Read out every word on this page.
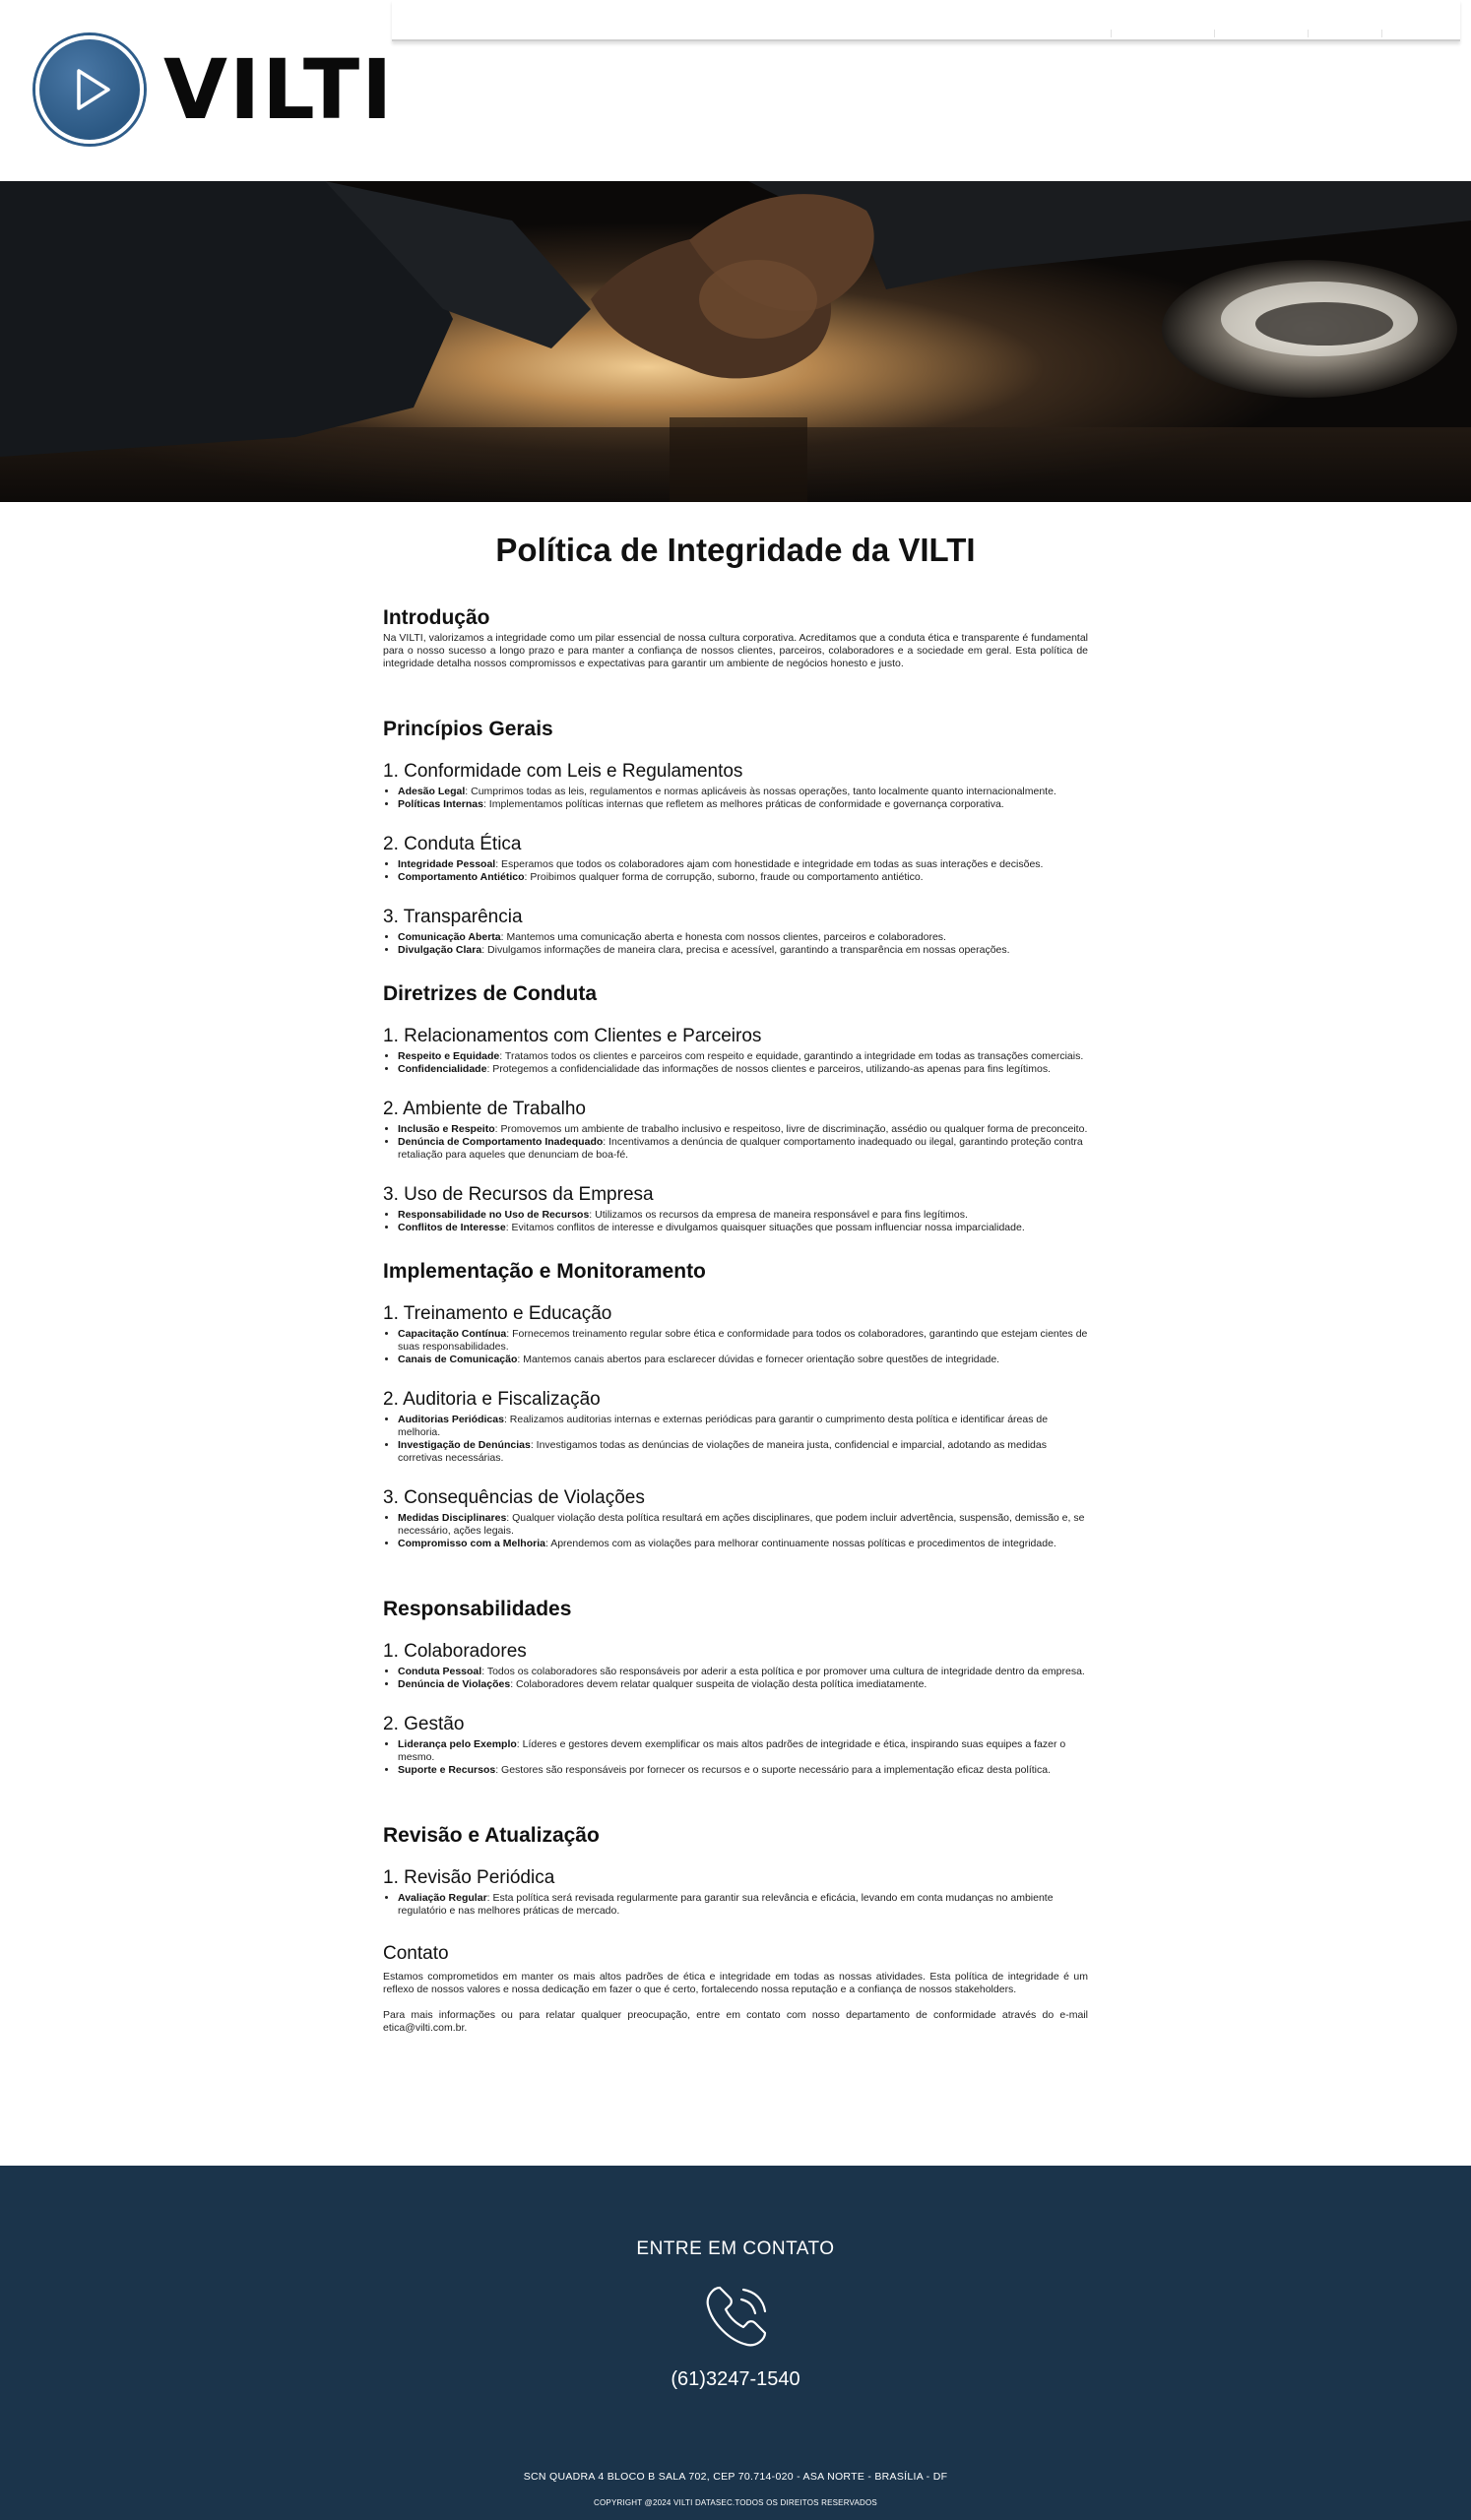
VILTI
Política de Integridade da VILTI
Introdução

Na VILTI, valorizamos a integridade como um pilar essencial de nossa cultura corporativa. Acreditamos que a conduta ética e transparente é fundamental para o nosso sucesso a longo prazo e para manter a confiança de nossos clientes, parceiros, colaboradores e a sociedade em geral. Esta política de integridade detalha nossos compromissos e expectativas para garantir um ambiente de negócios honesto e justo.

Princípios Gerais
1. Conformidade com Leis e Regulamentos
• Adesão Legal: Cumprimos todas as leis, regulamentos e normas aplicáveis às nossas operações, tanto localmente quanto internacionalmente.
• Políticas Internas: Implementamos políticas internas que refletem as melhores práticas de conformidade e governança corporativa.
2. Conduta Ética
• Integridade Pessoal: Esperamos que todos os colaboradores ajam com honestidade e integridade em todas as suas interações e decisões.
• Comportamento Antiético: Proibimos qualquer forma de corrupção, suborno, fraude ou comportamento antiético.
3. Transparência
• Comunicação Aberta: Mantemos uma comunicação aberta e honesta com nossos clientes, parceiros e colaboradores.
• Divulgação Clara: Divulgamos informações de maneira clara, precisa e acessível, garantindo a transparência em nossas operações.
Diretrizes de Conduta
1. Relacionamentos com Clientes e Parceiros
• Respeito e Equidade: Tratamos todos os clientes e parceiros com respeito e equidade, garantindo a integridade em todas as transações comerciais.
• Confidencialidade: Protegemos a confidencialidade das informações de nossos clientes e parceiros, utilizando-as apenas para fins legítimos.
2. Ambiente de Trabalho
• Inclusão e Respeito: Promovemos um ambiente de trabalho inclusivo e respeitoso, livre de discriminação, assédio ou qualquer forma de preconceito.
• Denúncia de Comportamento Inadequado: Incentivamos a denúncia de qualquer comportamento inadequado ou ilegal, garantindo proteção contra retaliação para aqueles que denunciam de boa-fé.
3. Uso de Recursos da Empresa
• Responsabilidade no Uso de Recursos: Utilizamos os recursos da empresa de maneira responsável e para fins legítimos.
• Conflitos de Interesse: Evitamos conflitos de interesse e divulgamos quaisquer situações que possam influenciar nossa imparcialidade.
Implementação e Monitoramento
1. Treinamento e Educação
• Capacitação Contínua: Fornecemos treinamento regular sobre ética e conformidade para todos os colaboradores, garantindo que estejam cientes de suas responsabilidades.
• Canais de Comunicação: Mantemos canais abertos para esclarecer dúvidas e fornecer orientação sobre questões de integridade.
2. Auditoria e Fiscalização
• Auditorias Periódicas: Realizamos auditorias internas e externas periódicas para garantir o cumprimento desta política e identificar áreas de melhoria.
• Investigação de Denúncias: Investigamos todas as denúncias de violações de maneira justa, confidencial e imparcial, adotando as medidas corretivas necessárias.
3. Consequências de Violações
• Medidas Disciplinares: Qualquer violação desta política resultará em ações disciplinares, que podem incluir advertência, suspensão, demissão e, se necessário, ações legais.
• Compromisso com a Melhoria: Aprendemos com as violações para melhorar continuamente nossas políticas e procedimentos de integridade.
Responsabilidades
1. Colaboradores
• Conduta Pessoal: Todos os colaboradores são responsáveis por aderir a esta política e por promover uma cultura de integridade dentro da empresa.
• Denúncia de Violações: Colaboradores devem relatar qualquer suspeita de violação desta política imediatamente.
2. Gestão
• Liderança pelo Exemplo: Líderes e gestores devem exemplificar os mais altos padrões de integridade e ética, inspirando suas equipes a fazer o mesmo.
• Suporte e Recursos: Gestores são responsáveis por fornecer os recursos e o suporte necessário para a implementação eficaz desta política.
Revisão e Atualização
1. Revisão Periódica
• Avaliação Regular: Esta política será revisada regularmente para garantir sua relevância e eficácia, levando em conta mudanças no ambiente regulatório e nas melhores práticas de mercado.
Contato

Estamos comprometidos em manter os mais altos padrões de ética e integridade em todas as nossas atividades. Esta política de integridade é um reflexo de nossos valores e nossa dedicação em fazer o que é certo, fortalecendo nossa reputação e a confiança de nossos stakeholders.

Para mais informações ou para relatar qualquer preocupação, entre em contato com nosso departamento de conformidade através do e-mail etica@vilti.com.br.

ENTRE EM CONTATO
(61)3247-1540
SCN QUADRA 4 BLOCO B SALA 702, CEP 70.714-020 - ASA NORTE - BRASÍLIA - DF
COPYRIGHT @2024 VILTI DATASEC.TODOS OS DIREITOS RESERVADOS
